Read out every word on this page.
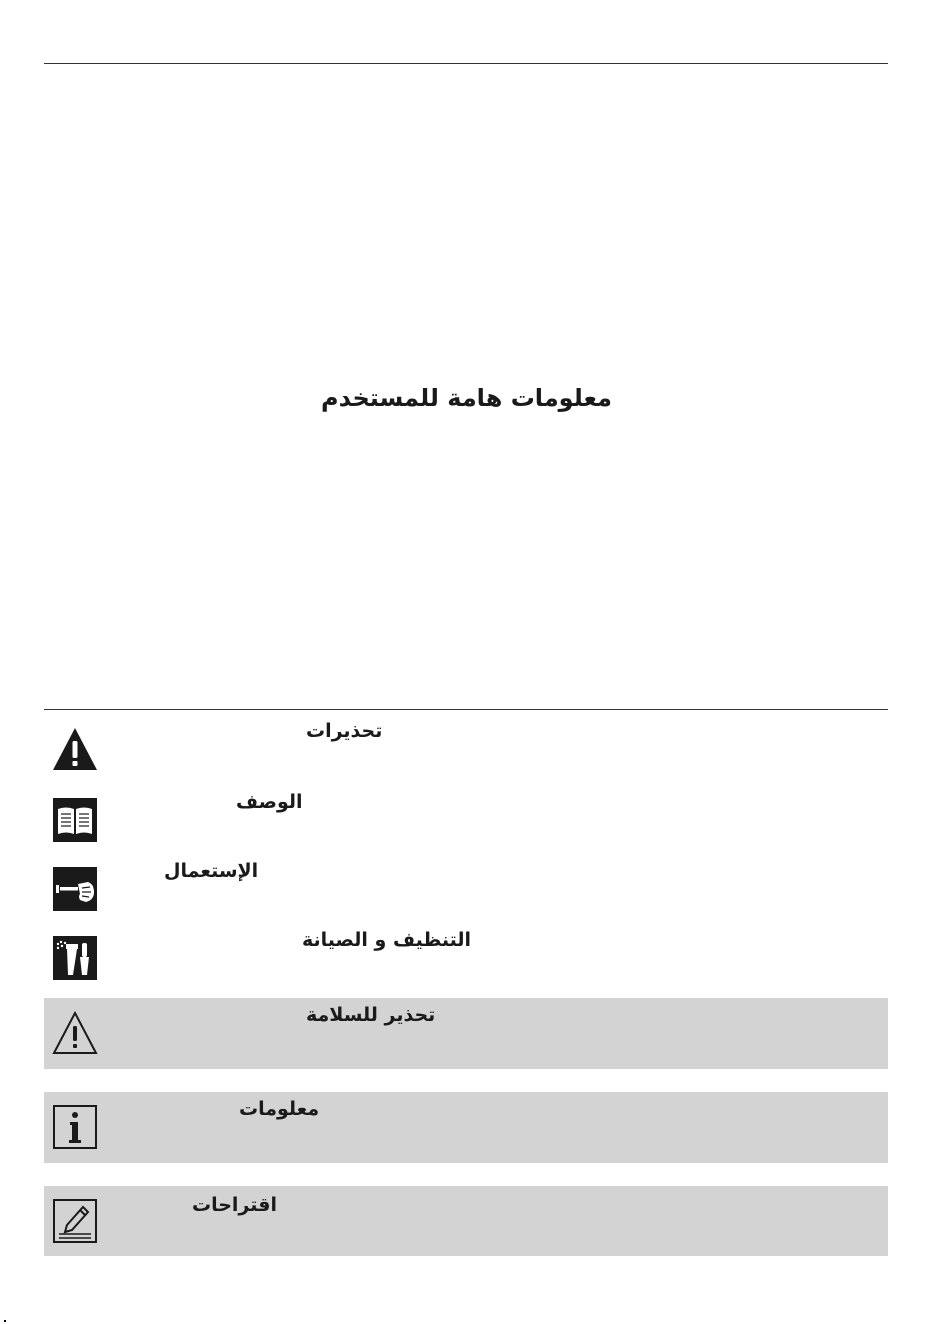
معلومات هامة للمستخدم
تحذيرات
الوصف
الإستعمال
التنظيف و الصيانة
تحذير للسلامة
معلومات
اقتراحات
